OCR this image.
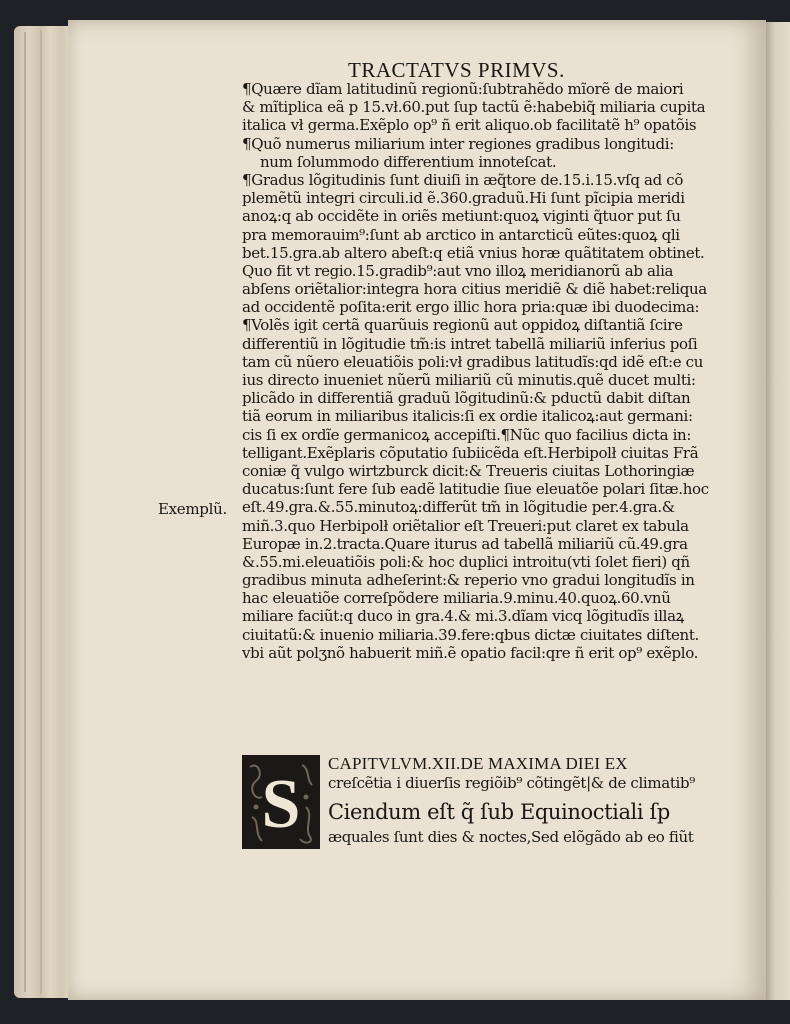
TRACTATVS PRIMVS.
¶Quære dĩam latitudinũ regionũ:ſubtrahẽdo mĩorẽ de maiori
& mĩtiplica eã p 15.vł.60.put ſup tactũ ẽ:habebiq̃ miliaria cupita
italica vł germa.Exẽplo op⁹ ñ erit aliquo.ob facilitatẽ h⁹ opatõis
¶Quõ numerus miliarium inter regiones gradibus longitudi:
num ſolummodo differentium innoteſcat.
¶Gradus lõgitudinis ſunt diuiſi in æq̃tore de.15.i.15.vſq ad cõ
plemẽtũ integri circuli.id ẽ.360.graduũ.Hi ſunt pĩcipia meridi
anoꝝ:q ab occidẽte in oriẽs metiunt:quoꝝ viginti q̃tuor put ſu
pra memorauim⁹:ſunt ab arctico in antarcticũ eũtes:quoꝝ qli
bet.15.gra.ab altero abeſt:q etiã vnius horæ quãtitatem obtinet.
Quo fit vt regio.15.gradib⁹:aut vno illoꝝ meridianorũ ab alia
abſens oriẽtalior:integra hora citius meridiẽ & diẽ habet:reliqua
ad occidentẽ poſita:erit ergo illic hora pria:quæ ibi duodecima:
¶Volẽs igit certã quarũuis regionũ aut oppidoꝝ diſtantiã ſcire
differentiũ in lõgitudie tm̃:is intret tabellã miliariũ inferius poſi
tam cũ nũero eleuatiõis poli:vł gradibus latitudĩs:qd idẽ eſt:e cu
ius directo inueniet nũerũ miliariũ cũ minutis.quẽ ducet multi:
plicãdo in differentiã graduũ lõgitudinũ:& pductũ dabit diſtan
tiã eorum in miliaribus italicis:ſi ex ordie italicoꝝ:aut germani:
cis ſi ex ordĩe germanicoꝝ accepiſti.¶Nũc quo facilius dicta in:
telligant.Exẽplaris cõputatio ſubiicẽda eſt.Herbipolł ciuitas Frã
coniæ q̃ vulgo wirtzburck dicit:& Treueris ciuitas Lothoringiæ
ducatus:ſunt fere ſub eadẽ latitudie ſiue eleuatõe polari ſitæ.hoc
eſt.49.gra.&.55.minutoꝝ:differũt tm̃ in lõgitudie per.4.gra.&
miñ.3.quo Herbipolł oriẽtalior eſt Treueri:put claret ex tabula
Europæ in.2.tracta.Quare iturus ad tabellã miliariũ cũ.49.gra
&.55.mi.eleuatiõis poli:& hoc duplici introitu(vti ſolet fieri) qñ
gradibus minuta adheſerint:& reperio vno gradui longitudĩs in
hac eleuatiõe correſpõdere miliaria.9.minu.40.quoꝝ.60.vnũ
miliare faciũt:q duco in gra.4.& mi.3.dĩam vicq lõgitudĩs illaꝝ
ciuitatũ:& inuenio miliaria.39.fere:qbus dictæ ciuitates diſtent.
vbi aũt polʒnõ habuerit miñ.ẽ opatio facil:qre ñ erit op⁹ exẽplo.
Exemplũ.
S
CAPITVLVM.XII.DE MAXIMA DIEI EX
creſcẽtia i diuerſis regiõib⁹ cõtingẽt|& de climatib⁹
Ciendum eſt q̃ ſub Equinoctiali ſp
æquales ſunt dies & noctes,Sed elõgãdo ab eo fiũt
